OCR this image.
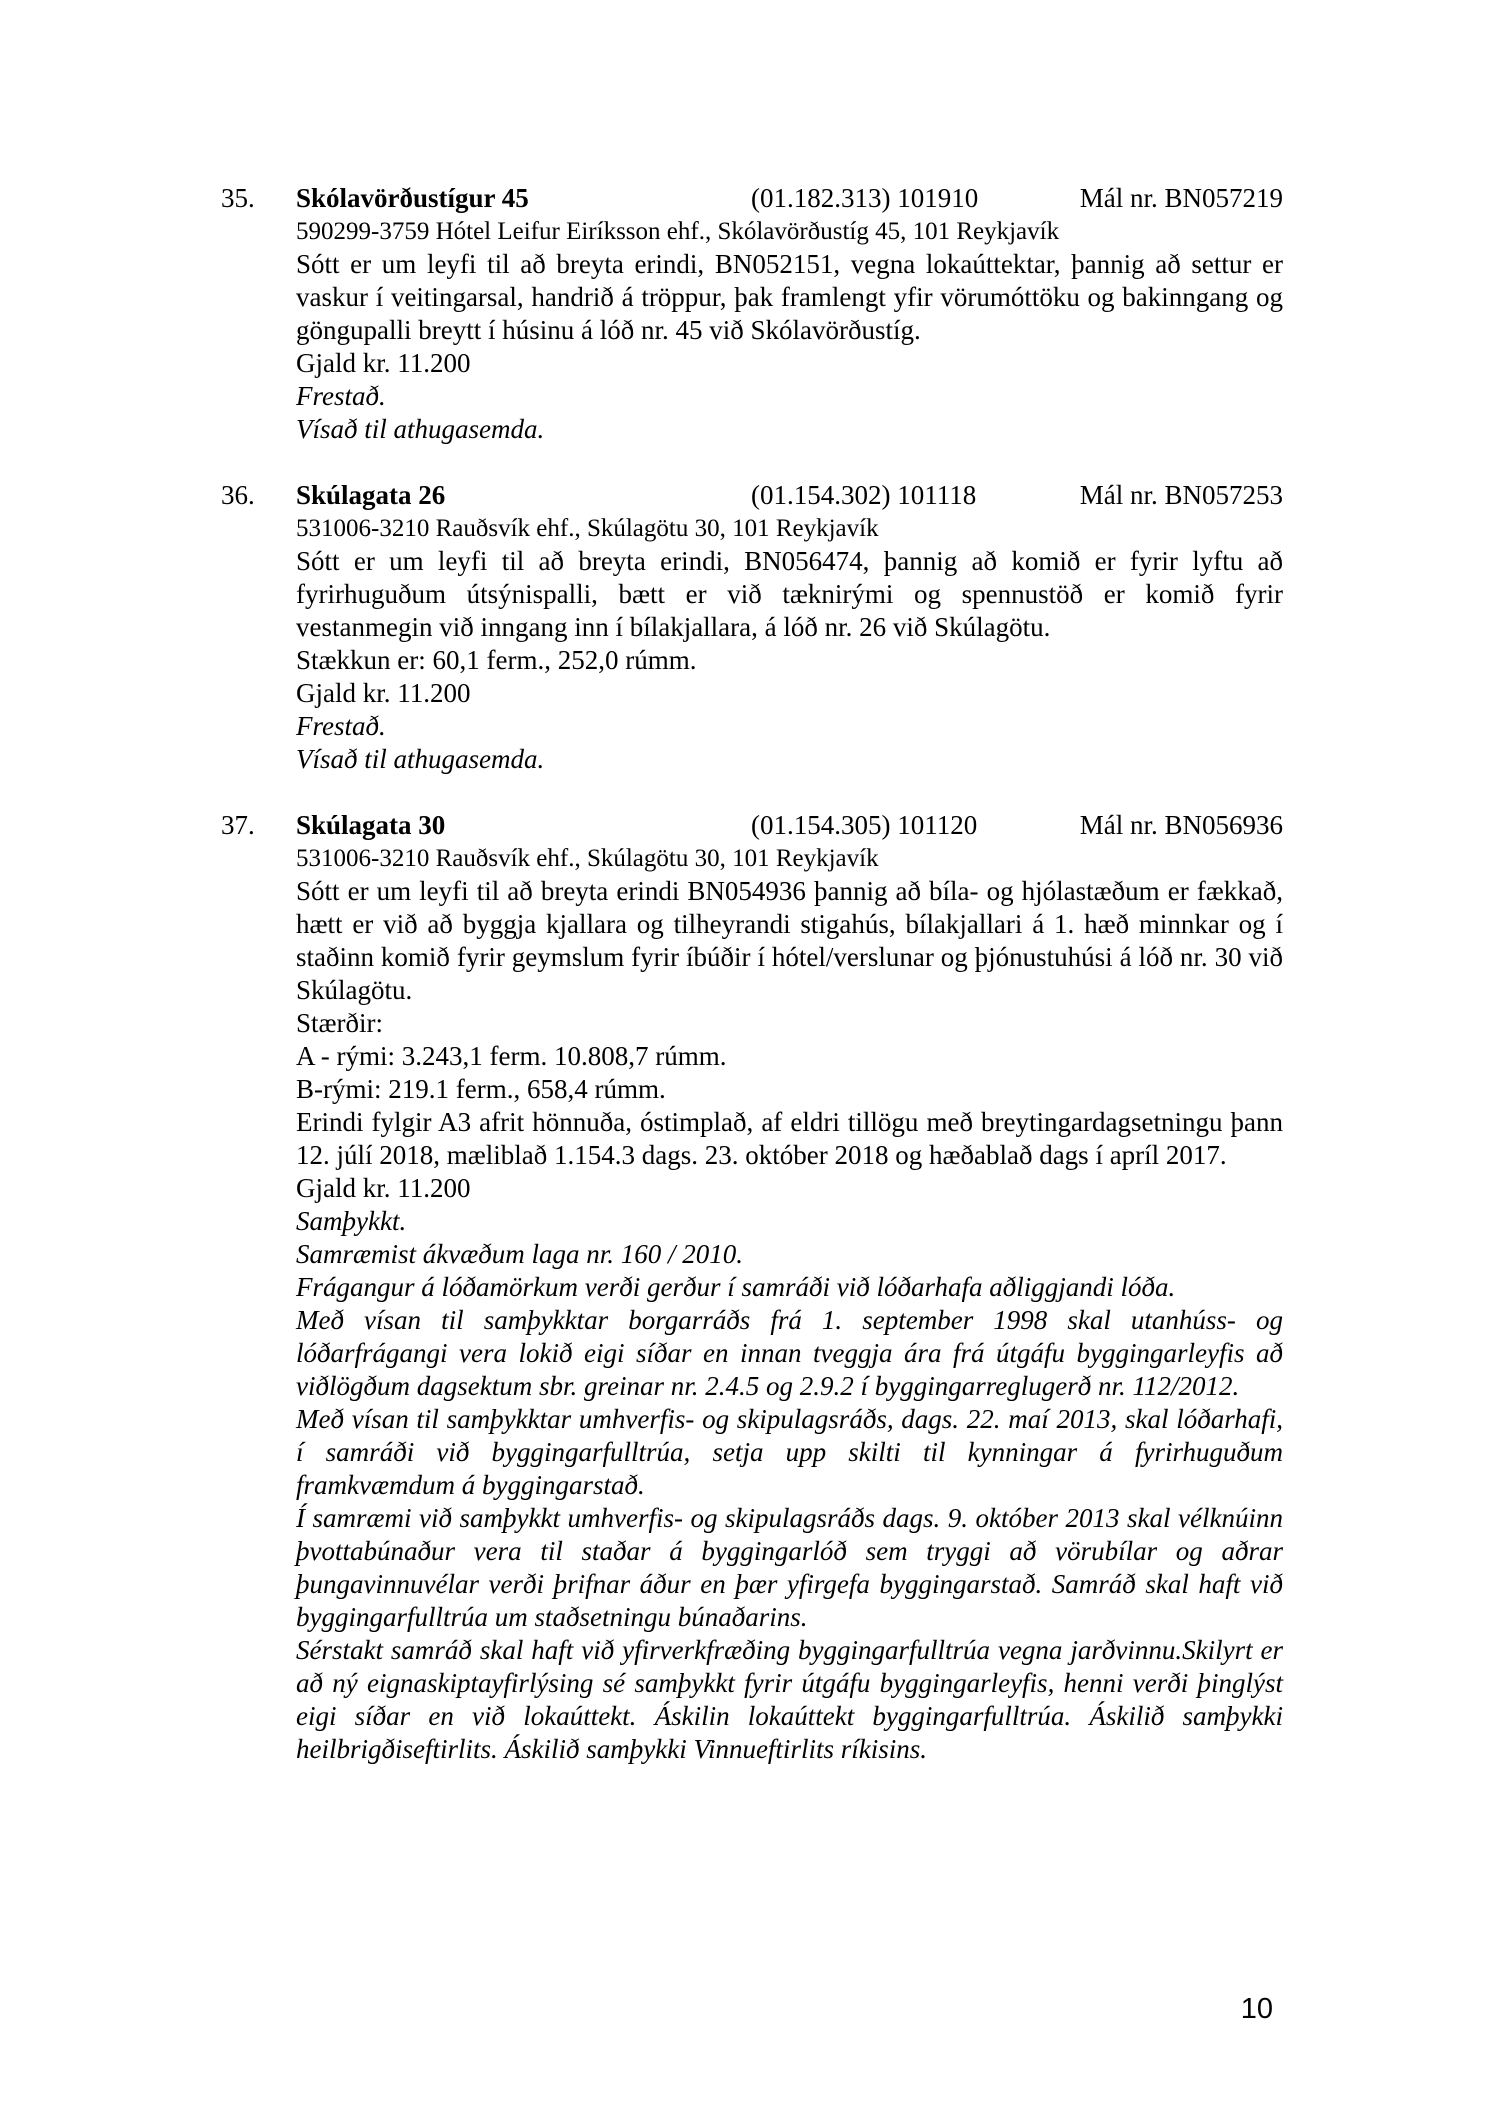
35.	Skólavörðustígur 45	(01.182.313) 101910	Mál nr. BN057219
590299-3759 Hótel Leifur Eiríksson ehf., Skólavörðustíg 45, 101 Reykjavík
Sótt er um leyfi til að breyta erindi, BN052151, vegna lokaúttektar, þannig að settur er vaskur í veitingarsal, handrið á tröppur, þak framlengt yfir vörumóttöku og bakinngang og göngupalli breytt í húsinu á lóð nr. 45 við Skólavörðustíg.
Gjald kr. 11.200
Frestað.
Vísað til athugasemda.
36.	Skúlagata 26	(01.154.302) 101118	Mál nr. BN057253
531006-3210 Rauðsvík ehf., Skúlagötu 30, 101 Reykjavík
Sótt er um leyfi til að breyta erindi, BN056474, þannig að komið er fyrir lyftu að fyrirhuguðum útsýnispalli, bætt er við tæknirými og spennustöð er komið fyrir vestanmegin við inngang inn í bílakjallara, á lóð nr. 26 við Skúlagötu.
Stækkun er: 60,1 ferm., 252,0 rúmm.
Gjald kr. 11.200
Frestað.
Vísað til athugasemda.
37.	Skúlagata 30	(01.154.305) 101120	Mál nr. BN056936
531006-3210 Rauðsvík ehf., Skúlagötu 30, 101 Reykjavík
Sótt er um leyfi til að breyta erindi BN054936 þannig að bíla- og hjólastæðum er fækkað, hætt er við að byggja kjallara og tilheyrandi stigahús, bílakjallari á 1. hæð minnkar og í staðinn komið fyrir geymslum fyrir íbúðir í hótel/verslunar og þjónustuhúsi á lóð nr. 30 við Skúlagötu.
Stærðir:
A - rými: 3.243,1 ferm. 10.808,7 rúmm.
B-rými: 219.1 ferm., 658,4 rúmm.
Erindi fylgir A3 afrit hönnuða, óstimplað, af eldri tillögu með breytingardagsetningu þann 12. júlí 2018, mæliblað 1.154.3 dags. 23. október 2018 og hæðablað dags í apríl 2017.
Gjald kr. 11.200
Samþykkt.
Samræmist ákvæðum laga nr. 160 / 2010.
Frágangur á lóðamörkum verði gerður í samráði við lóðarhafa aðliggjandi lóða.
Með vísan til samþykktar borgarráðs frá 1. september 1998 skal utanhúss- og lóðarfrágangi vera lokið eigi síðar en innan tveggja ára frá útgáfu byggingarleyfis að viðlögðum dagsektum sbr. greinar nr. 2.4.5 og 2.9.2 í byggingarreglugerð nr. 112/2012.
Með vísan til samþykktar umhverfis- og skipulagsráðs, dags. 22. maí 2013, skal lóðarhafi, í samráði við byggingarfulltrúa, setja upp skilti til kynningar á fyrirhuguðum framkvæmdum á byggingarstað.
Í samræmi við samþykkt umhverfis- og skipulagsráðs dags. 9. október 2013 skal vélknúinn þvottabúnaður vera til staðar á byggingarlóð sem tryggi að vörubílar og aðrar þungavinnuvélar verði þrifnar áður en þær yfirgefa byggingarstað. Samráð skal haft við byggingarfulltrúa um staðsetningu búnaðarins.
Sérstakt samráð skal haft við yfirverkfræðing byggingarfulltrúa vegna jarðvinnu.Skilyrt er að ný eignaskiptayfirlýsing sé samþykkt fyrir útgáfu byggingarleyfis, henni verði þinglýst eigi síðar en við lokaúttekt. Áskilin lokaúttekt byggingarfulltrúa. Áskilið samþykki heilbrigðiseftirlits. Áskilið samþykki Vinnueftirlits ríkisins.
10
